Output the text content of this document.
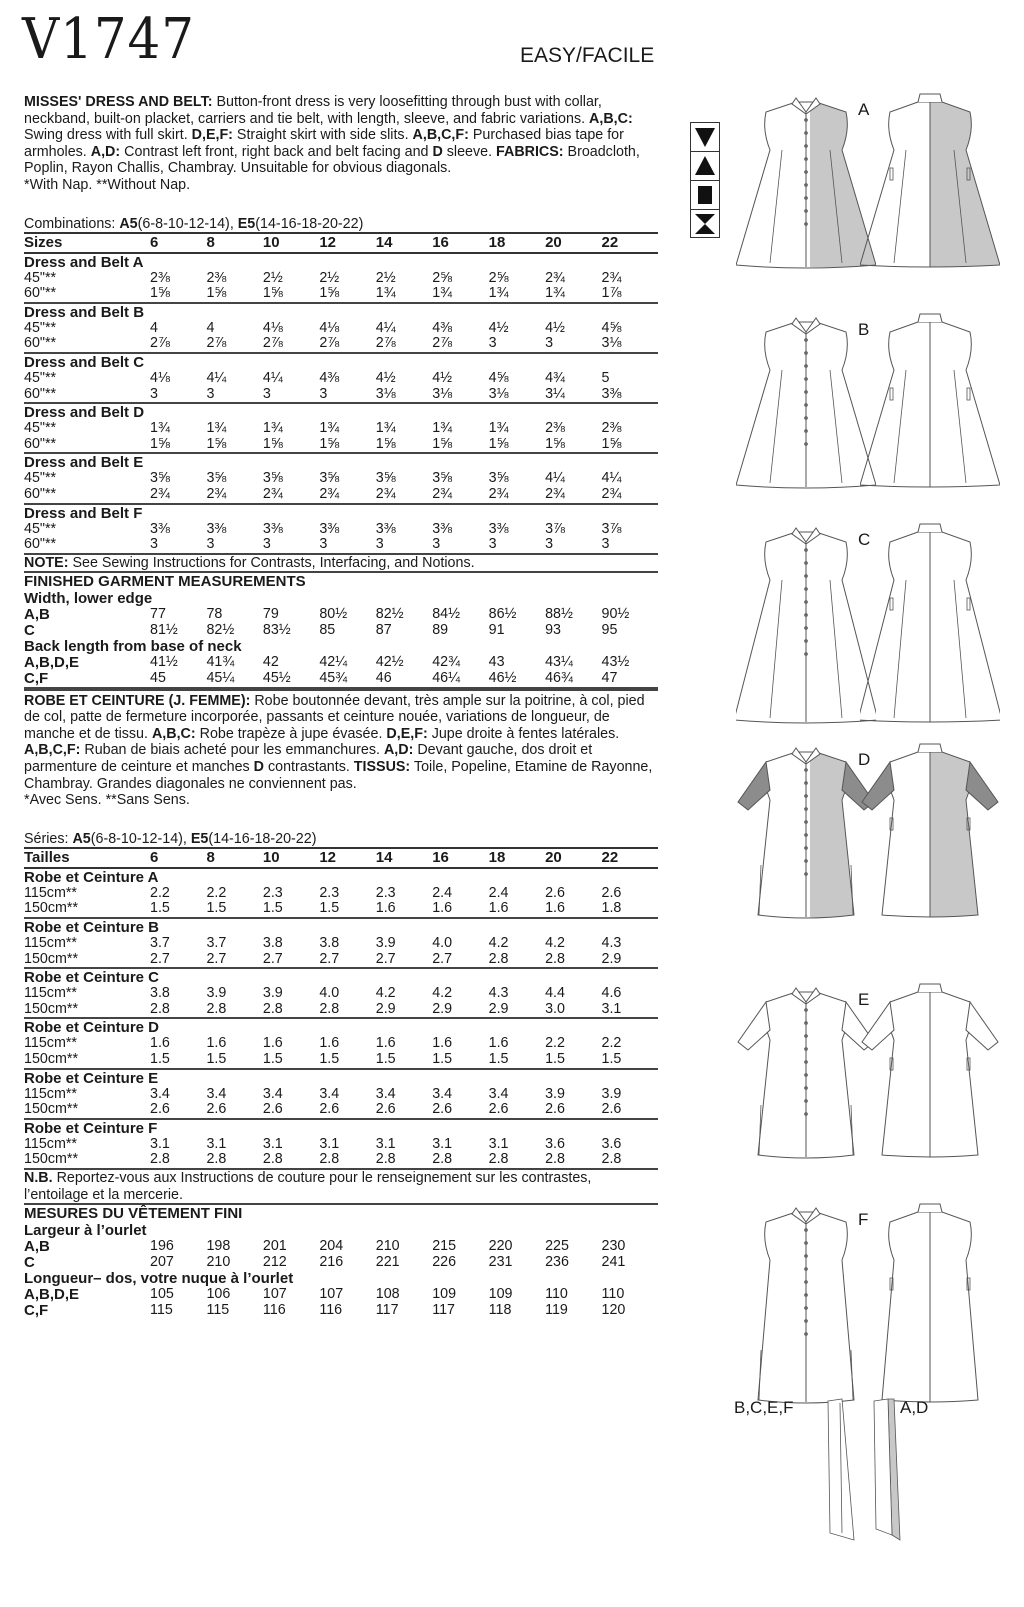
V1747	EASY/FACILE

MISSES' DRESS AND BELT: Button-front dress is very loosefitting through bust with collar, neckband, built-on placket, carriers and tie belt, with length, sleeve, and fabric variations. A,B,C: Swing dress with full skirt. D,E,F: Straight skirt with side slits. A,B,C,F: Purchased bias tape for armholes. A,D: Contrast left front, right back and belt facing and D sleeve. FABRICS: Broadcloth, Poplin, Rayon Challis, Chambray. Unsuitable for obvious diagonals.

*With Nap. **Without Nap.
Combinations: A5(6-8-10-12-14), E5(14-16-18-20-22)
Sizes	6	8	10	12	14	16	18	20	22
Dress and Belt A									
45"**	2⅜	2⅜	2½	2½	2½	2⅝	2⅝	2¾	2¾
60"**	1⅝	1⅝	1⅝	1⅝	1¾	1¾	1¾	1¾	1⅞
Dress and Belt B									
45"**	4	4	4⅛	4⅛	4¼	4⅜	4½	4½	4⅝
60"**	2⅞	2⅞	2⅞	2⅞	2⅞	2⅞	3	3	3⅛
Dress and Belt C									
45"**	4⅛	4¼	4¼	4⅜	4½	4½	4⅝	4¾	5
60"**	3	3	3	3	3⅛	3⅛	3⅛	3¼	3⅜
Dress and Belt D									
45"**	1¾	1¾	1¾	1¾	1¾	1¾	1¾	2⅜	2⅜
60"**	1⅝	1⅝	1⅝	1⅝	1⅝	1⅝	1⅝	1⅝	1⅝
Dress and Belt E									
45"**	3⅝	3⅝	3⅝	3⅝	3⅝	3⅝	3⅝	4¼	4¼
60"**	2¾	2¾	2¾	2¾	2¾	2¾	2¾	2¾	2¾
Dress and Belt F									
45"**	3⅜	3⅜	3⅜	3⅜	3⅜	3⅜	3⅜	3⅞	3⅞
60"**	3	3	3	3	3	3	3	3	3
NOTE: See Sewing Instructions for Contrasts, Interfacing, and Notions.
FINISHED GARMENT MEASUREMENTS
Width, lower edge
A,B	77	78	79	80½	82½	84½	86½	88½	90½
C	81½	82½	83½	85	87	89	91	93	95
Back length from base of neck
A,B,D,E	41½	41¾	42	42¼	42½	42¾	43	43¼	43½
C,F	45	45¼	45½	45¾	46	46¼	46½	46¾	47

ROBE ET CEINTURE (J. FEMME): Robe boutonnée devant, très ample sur la poitrine, à col, pied de col, patte de fermeture incorporée, passants et ceinture nouée, variations de longueur, de manche et de tissu. A,B,C: Robe trapèze à jupe évasée. D,E,F: Jupe droite à fentes latérales. A,B,C,F: Ruban de biais acheté pour les emmanchures. A,D: Devant gauche, dos droit et parmenture de ceinture et manches D contrastants. TISSUS: Toile, Popeline, Etamine de Rayonne, Chambray. Grandes diagonales ne conviennent pas.

*Avec Sens. **Sans Sens.
Séries: A5(6-8-10-12-14), E5(14-16-18-20-22)
Tailles	6	8	10	12	14	16	18	20	22
Robe et Ceinture A									
115cm**	2.2	2.2	2.3	2.3	2.3	2.4	2.4	2.6	2.6
150cm**	1.5	1.5	1.5	1.5	1.6	1.6	1.6	1.6	1.8
Robe et Ceinture B									
115cm**	3.7	3.7	3.8	3.8	3.9	4.0	4.2	4.2	4.3
150cm**	2.7	2.7	2.7	2.7	2.7	2.7	2.8	2.8	2.9
Robe et Ceinture C									
115cm**	3.8	3.9	3.9	4.0	4.2	4.2	4.3	4.4	4.6
150cm**	2.8	2.8	2.8	2.8	2.9	2.9	2.9	3.0	3.1
Robe et Ceinture D									
115cm**	1.6	1.6	1.6	1.6	1.6	1.6	1.6	2.2	2.2
150cm**	1.5	1.5	1.5	1.5	1.5	1.5	1.5	1.5	1.5
Robe et Ceinture E									
115cm**	3.4	3.4	3.4	3.4	3.4	3.4	3.4	3.9	3.9
150cm**	2.6	2.6	2.6	2.6	2.6	2.6	2.6	2.6	2.6
Robe et Ceinture F									
115cm**	3.1	3.1	3.1	3.1	3.1	3.1	3.1	3.6	3.6
150cm**	2.8	2.8	2.8	2.8	2.8	2.8	2.8	2.8	2.8
N.B. Reportez-vous aux Instructions de couture pour le renseignement sur les contrastes, l’entoilage et la mercerie.
MESURES DU VÊTEMENT FINI
Largeur à l’ourlet
A,B	196	198	201	204	210	215	220	225	230
C	207	210	212	216	221	226	231	236	241
Longueur– dos, votre nuque à l’ourlet
A,B,D,E	105	106	107	107	108	109	109	110	110
C,F	115	115	116	116	117	117	118	119	120
A
B
C
D
E
F
B,C,E,F	A,D
